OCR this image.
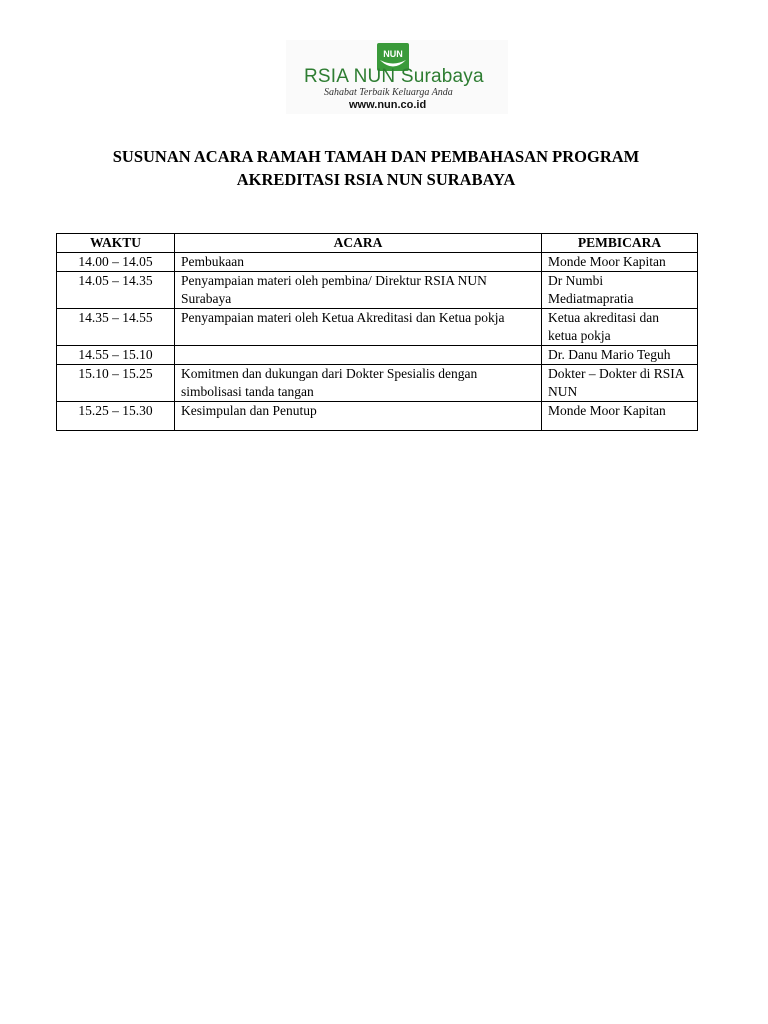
NUN
RSIA NUN Surabaya
Sahabat Terbaik Keluarga Anda
www.nun.co.id
SUSUNAN ACARA RAMAH TAMAH DAN PEMBAHASAN PROGRAM
AKREDITASI RSIA NUN SURABAYA
WAKTU	ACARA	PEMBICARA
14.00 – 14.05	Pembukaan	Monde Moor Kapitan
14.05 – 14.35	Penyampaian materi oleh pembina/ Direktur RSIA NUN Surabaya	Dr Numbi Mediatmapratia
14.35 – 14.55	Penyampaian materi oleh Ketua Akreditasi dan Ketua pokja	Ketua akreditasi dan ketua pokja
14.55 – 15.10		Dr. Danu Mario Teguh
15.10 – 15.25	Komitmen dan dukungan dari Dokter Spesialis dengan simbolisasi tanda tangan	Dokter – Dokter di RSIA NUN
15.25 – 15.30	Kesimpulan dan Penutup	Monde Moor Kapitan
